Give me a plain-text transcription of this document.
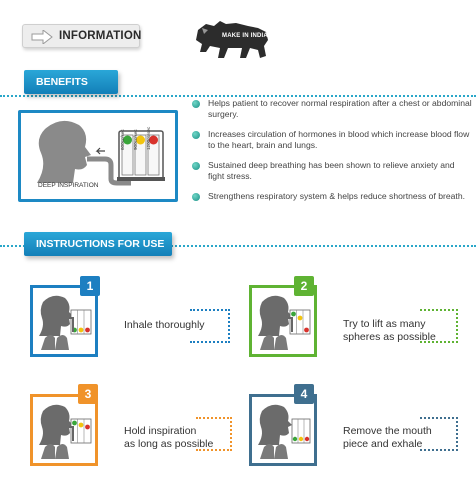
INFORMATION	MAKE IN INDIA
BENEFITS
600cc/sec 900cc/sec 1200cc/sec
DEEP INSPIRATION
Helps patient to recover normal respiration after a chest or abdominal surgery.
Increases circulation of hormones in blood which increase blood flow to the heart, brain and lungs.
Sustained deep breathing has been shown to relieve anxiety and fight stress.
Strengthens respiratory system & helps reduce shortness of breath.
INSTRUCTIONS FOR USE
1
Inhale thoroughly
2
Try to lift as many
spheres as possible
3
Hold inspiration
as long as possible
4
Remove the mouth
piece and exhale
